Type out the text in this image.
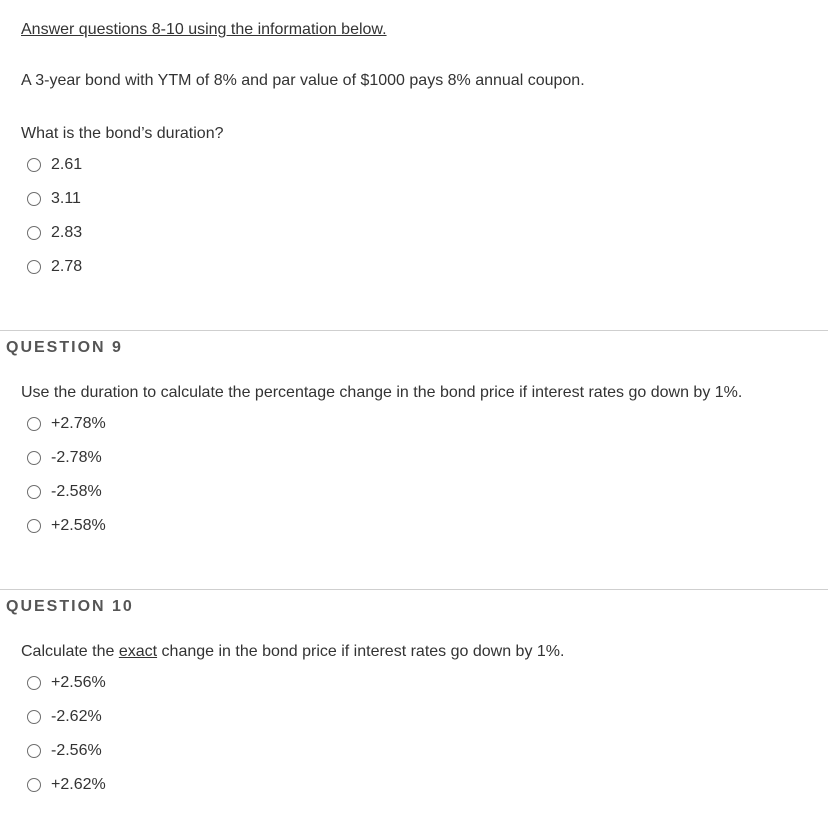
Answer questions 8-10 using the information below.
A 3-year bond with YTM of 8% and par value of $1000 pays 8% annual coupon.
What is the bond’s duration?
2.61
3.11
2.83
2.78
QUESTION 9
Use the duration to calculate the percentage change in the bond price if interest rates go down by 1%.
+2.78%
-2.78%
-2.58%
+2.58%
QUESTION 10
Calculate the exact change in the bond price if interest rates go down by 1%.
+2.56%
-2.62%
-2.56%
+2.62%
